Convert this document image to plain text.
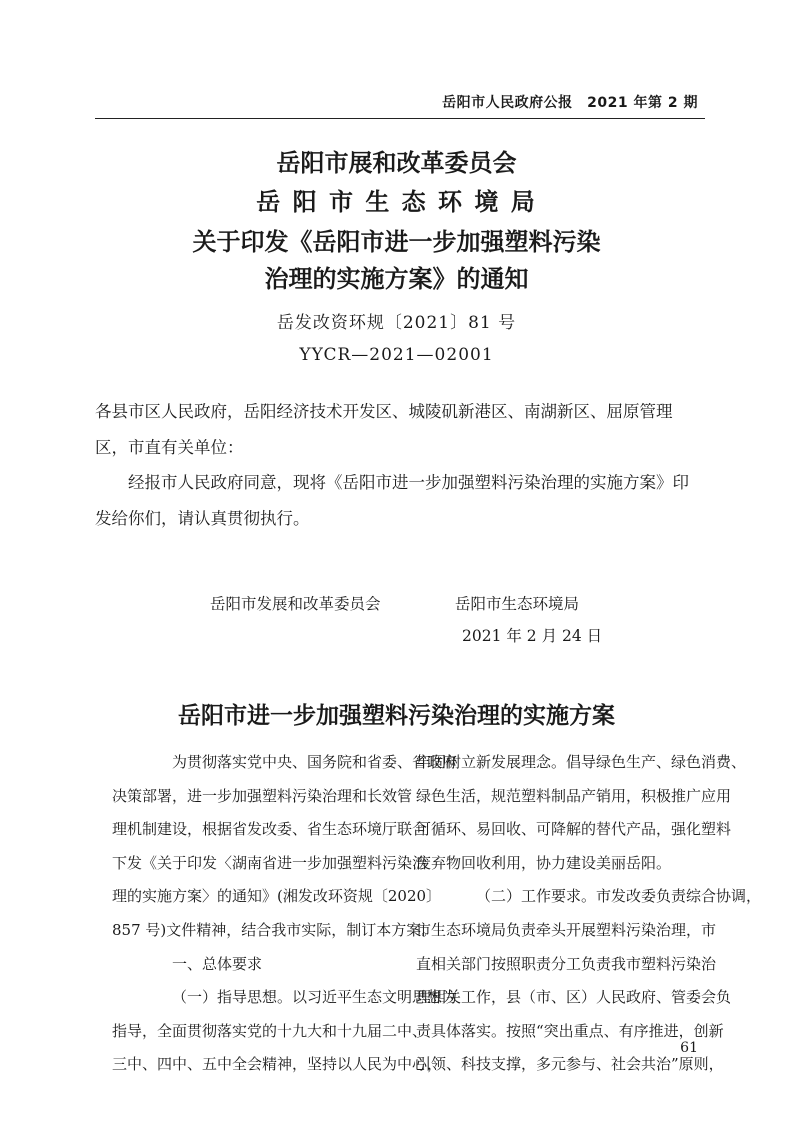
岳阳市人民政府公报　2021 年第 2 期
岳阳市展和改革委员会
岳 阳 市 生 态 环 境 局
关于印发《岳阳市进一步加强塑料污染
治理的实施方案》的通知
岳发改资环规〔2021〕81 号
YYCR—2021—02001

各县市区人民政府，岳阳经济技术开发区、城陵矶新港区、南湖新区、屈原管理区，市直有关单位：

经报市人民政府同意，现将《岳阳市进一步加强塑料污染治理的实施方案》印发给你们，请认真贯彻执行。

岳阳市发展和改革委员会	岳阳市生态环境局
2021 年 2 月 24 日
岳阳市进一步加强塑料污染治理的实施方案
为贯彻落实党中央、国务院和省委、省政府
决策部署，进一步加强塑料污染治理和长效管
理机制建设，根据省发改委、省生态环境厅联合
下发《关于印发〈湖南省进一步加强塑料污染治
理的实施方案〉的通知》(湘发改环资规〔2020〕
857 号)文件精神，结合我市实际，制订本方案。
一、总体要求
（一）指导思想。以习近平生态文明思想为
指导，全面贯彻落实党的十九大和十九届二中、
三中、四中、五中全会精神，坚持以人民为中心，
牢固树立新发展理念。倡导绿色生产、绿色消费、
绿色生活，规范塑料制品产销用，积极推广应用
可循环、易回收、可降解的替代产品，强化塑料
废弃物回收利用，协力建设美丽岳阳。
（二）工作要求。市发改委负责综合协调，
市生态环境局负责牵头开展塑料污染治理，市
直相关部门按照职责分工负责我市塑料污染治
理相关工作，县（市、区）人民政府、管委会负
责具体落实。按照“突出重点、有序推进，创新
引领、科技支撑，多元参与、社会共治”原则，
61
